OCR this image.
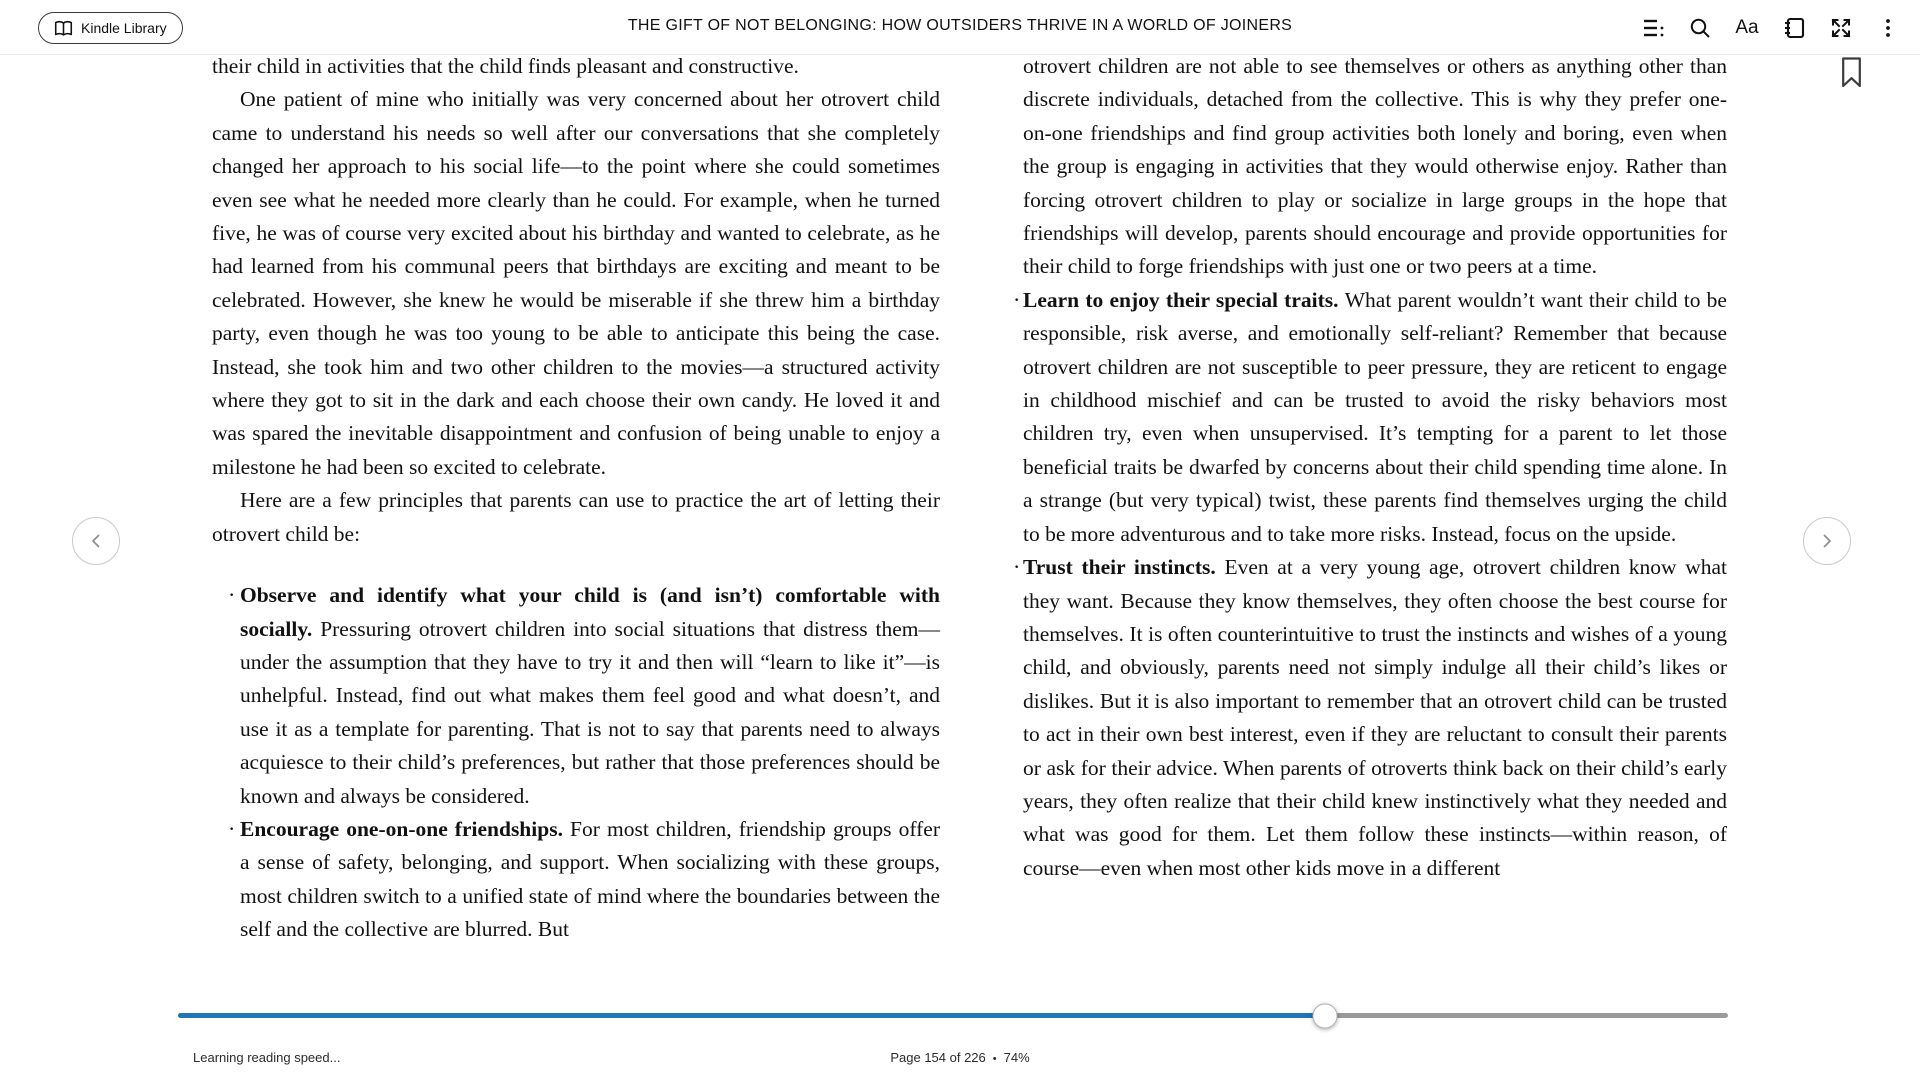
Kindle Library	THE GIFT OF NOT BELONGING: HOW OUTSIDERS THRIVE IN A WORLD OF JOINERS	Aa
their child in activities that the child finds pleasant and constructive.
One patient of mine who initially was very concerned about her otrovert child came to understand his needs so well after our conversations that she completely changed her approach to his social life—to the point where she could sometimes even see what he needed more clearly than he could. For example, when he turned five, he was of course very excited about his birthday and wanted to celebrate, as he had learned from his communal peers that birthdays are exciting and meant to be celebrated. However, she knew he would be miserable if she threw him a birthday party, even though he was too young to be able to anticipate this being the case. Instead, she took him and two other children to the movies—a structured activity where they got to sit in the dark and each choose their own candy. He loved it and was spared the inevitable disappointment and confusion of being unable to enjoy a milestone he had been so excited to celebrate.
Here are a few principles that parents can use to practice the art of letting their otrovert child be:
· Observe and identify what your child is (and isn’t) comfortable with socially. Pressuring otrovert children into social situations that distress them—under the assumption that they have to try it and then will “learn to like it”—is unhelpful. Instead, find out what makes them feel good and what doesn’t, and use it as a template for parenting. That is not to say that parents need to always acquiesce to their child’s preferences, but rather that those preferences should be known and always be considered.
· Encourage one-on-one friendships. For most children, friendship groups offer a sense of safety, belonging, and support. When socializing with these groups, most children switch to a unified state of mind where the boundaries between the self and the collective are blurred. But
otrovert children are not able to see themselves or others as anything other than discrete individuals, detached from the collective. This is why they prefer one-on-one friendships and find group activities both lonely and boring, even when the group is engaging in activities that they would otherwise enjoy. Rather than forcing otrovert children to play or socialize in large groups in the hope that friendships will develop, parents should encourage and provide opportunities for their child to forge friendships with just one or two peers at a time.
· Learn to enjoy their special traits. What parent wouldn’t want their child to be responsible, risk averse, and emotionally self-reliant? Remember that because otrovert children are not susceptible to peer pressure, they are reticent to engage in childhood mischief and can be trusted to avoid the risky behaviors most children try, even when unsupervised. It’s tempting for a parent to let those beneficial traits be dwarfed by concerns about their child spending time alone. In a strange (but very typical) twist, these parents find themselves urging the child to be more adventurous and to take more risks. Instead, focus on the upside.
· Trust their instincts. Even at a very young age, otrovert children know what they want. Because they know themselves, they often choose the best course for themselves. It is often counterintuitive to trust the instincts and wishes of a young child, and obviously, parents need not simply indulge all their child’s likes or dislikes. But it is also important to remember that an otrovert child can be trusted to act in their own best interest, even if they are reluctant to consult their parents or ask for their advice. When parents of otroverts think back on their child’s early years, they often realize that their child knew instinctively what they needed and what was good for them. Let them follow these instincts—within reason, of course—even when most other kids move in a different
Learning reading speed...	Page 154 of 226 • 74%
